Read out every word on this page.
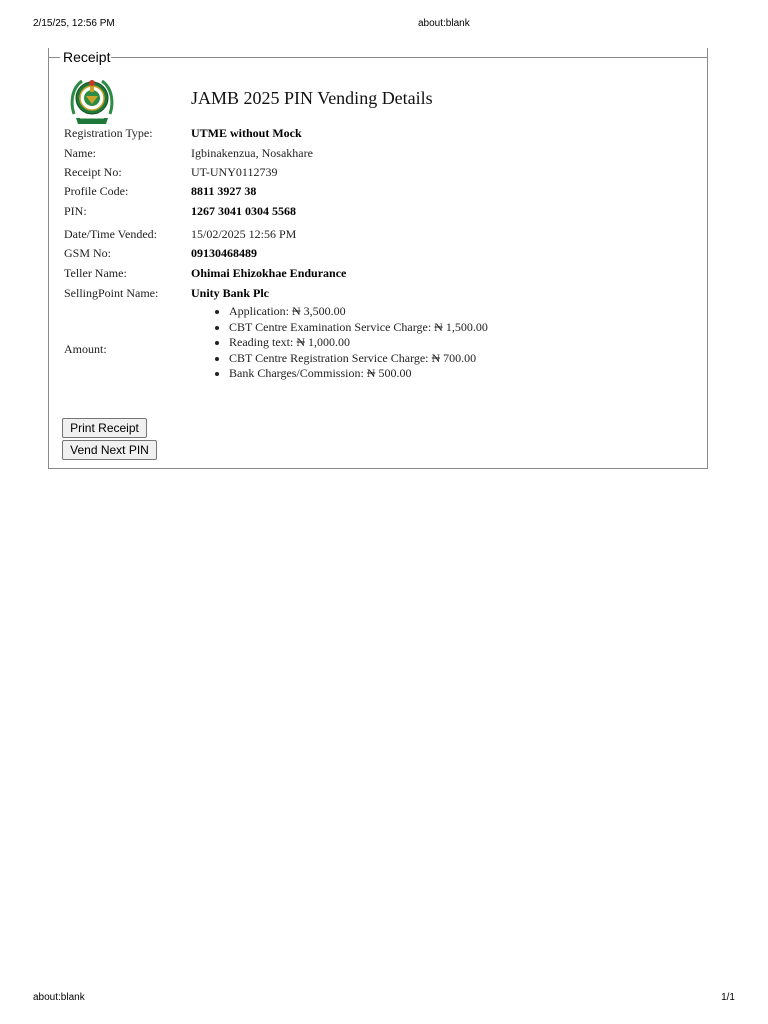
2/15/25, 12:56 PM	about:blank
about:blank	1/1
Receipt
JAMB 2025 PIN Vending Details
Registration Type:	UTME without Mock
Name:	Igbinakenzua, Nosakhare
Receipt No:	UT-UNY0112739
Profile Code:	8811 3927 38
PIN:	1267 3041 0304 5568
Date/Time Vended:	15/02/2025 12:56 PM
GSM No:	09130468489
Teller Name:	Ohimai Ehizokhae Endurance
SellingPoint Name:	Unity Bank Plc
Amount:
• Application: ₦ 3,500.00
• CBT Centre Examination Service Charge: ₦ 1,500.00
• Reading text: ₦ 1,000.00
• CBT Centre Registration Service Charge: ₦ 700.00
• Bank Charges/Commission: ₦ 500.00
Print Receipt
Vend Next PIN
